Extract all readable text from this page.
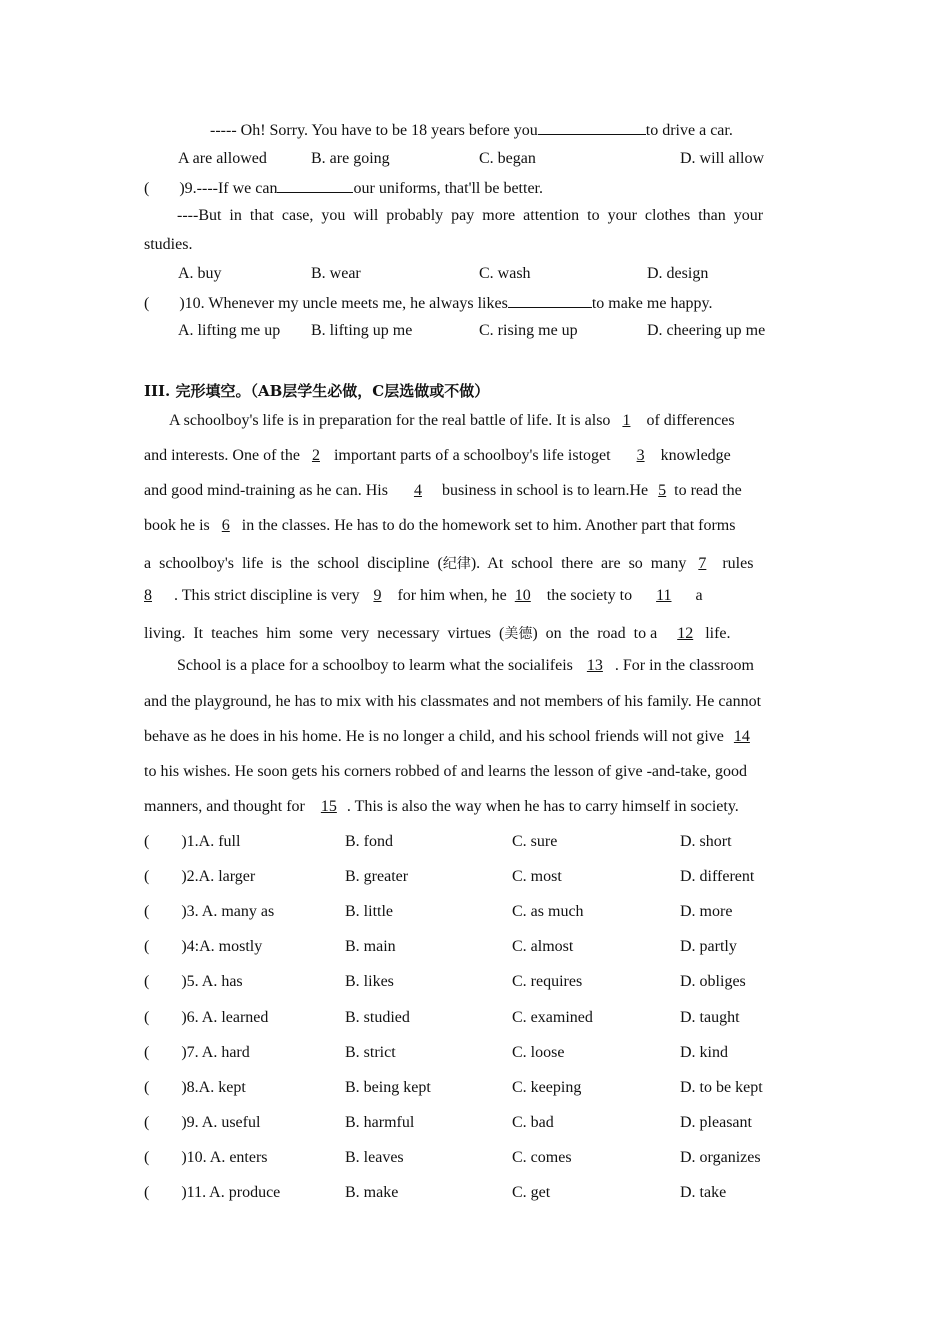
----- Oh! Sorry. You have to be 18 years before you	to drive a car.
A are allowed	B. are going	C. began	D. will allow
( )9.----If we can	our uniforms, that'll be better.
----But in that case, you will probably pay more attention to your clothes than your
studies.
A. buy	B. wear	C. wash	D. design
( )10. Whenever my uncle meets me, he always likes	to make me happy.
A. lifting me up B. lifting up me	C. rising me up	D. cheering up me
III. 完形填空。（AB层学生必做，C层选做或不做）
A schoolboy's life is in preparation for the real battle of life. It is also 1 of differences
and interests. One of the 2 important parts of a schoolboy's life istoget 3 knowledge
and good mind-training as he can. His 4 business in school is to learn.He 5 to read the
book he is 6 in the classes. He has to do the homework set to him. Another part that forms
a  schoolboy's  life  is  the  school  discipline  (纪律).  At  school  there  are  so  many 7  rules
8 . This strict discipline is very 9 for him when, he 10 the society to 11  a
living.  It  teaches  him  some  very  necessary  virtues  (美德)  on  the  road  to a 12 life.
School is a place for a schoolboy to learm what the socialifeis 13 . For in the classroom
and the playground, he has to mix with his classmates and not members of his family. He cannot
behave as he does in his home. He is no longer a child, and his school friends will not give 14
to his wishes. He soon gets his corners robbed of and learns the lesson of give -and-take, good
manners, and thought for 15 . This is also the way when he has to carry himself in society.
(        )1.A. full	B. fond	C. sure	D. short
(        )2.A. larger	B. greater	C. most	D. different
(        )3. A. many as	B. little	C. as much	D. more
(        )4:A. mostly	B. main	C. almost	D. partly
(        )5. A. has	B. likes	C. requires	D. obliges
(        )6. A. learned	B. studied	C. examined	D. taught
(        )7. A. hard	B. strict	C. loose	D. kind
(        )8.A. kept	B. being kept	C. keeping	D. to be kept
(        )9. A. useful	B. harmful	C. bad	D. pleasant
(        )10. A. enters	B. leaves	C. comes	D. organizes
(        )11. A. produce	B. make	C. get	D. take
